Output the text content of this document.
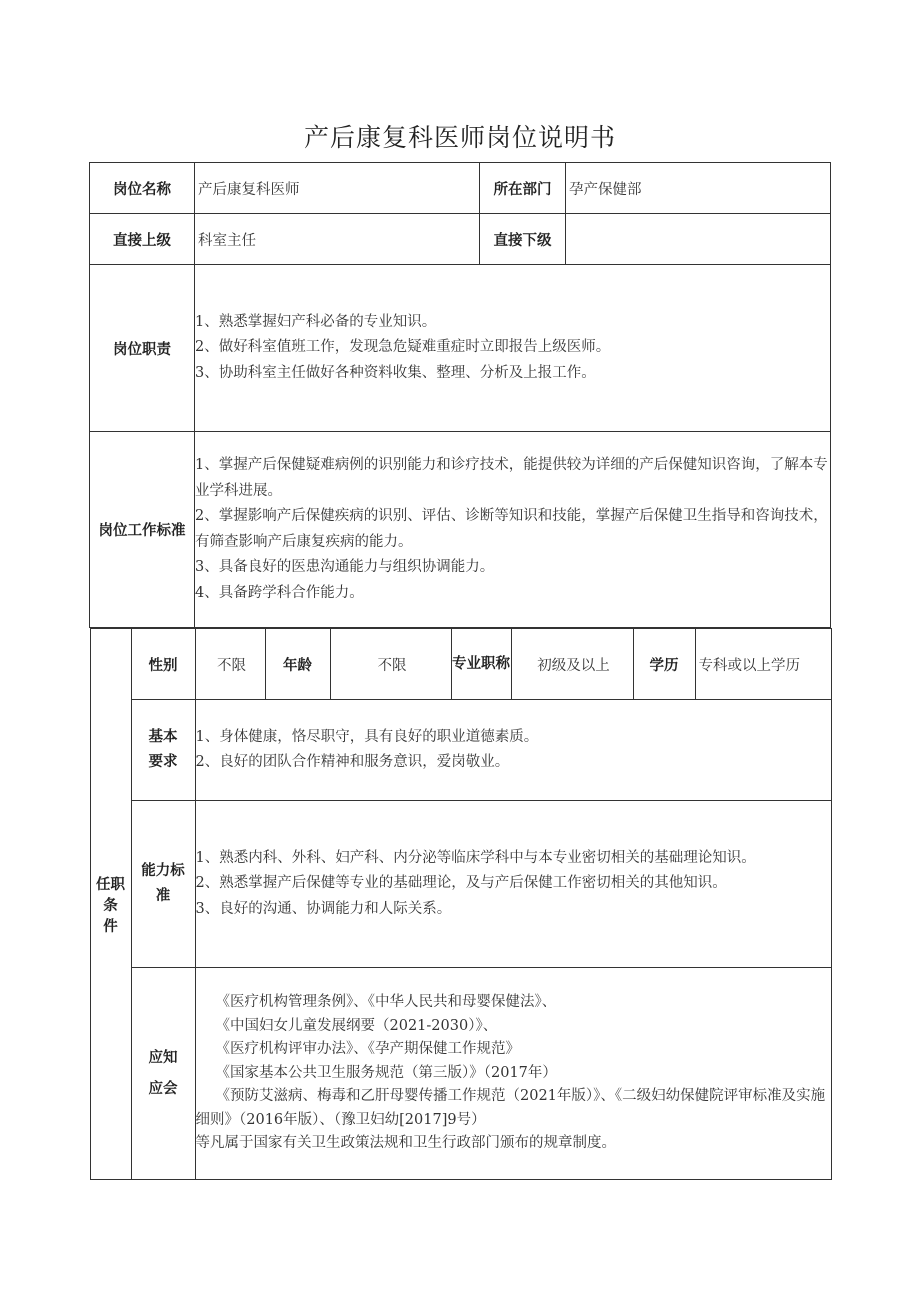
产后康复科医师岗位说明书
岗位名称	产后康复科医师	所在部门	孕产保健部
直接上级	科室主任	直接下级	
岗位职责	
1、熟悉掌握妇产科必备的专业知识。
2、做好科室值班工作，发现急危疑难重症时立即报告上级医师。
3、协助科室主任做好各种资料收集、整理、分析及上报工作。

岗位工作标准	
1、掌握产后保健疑难病例的识别能力和诊疗技术，能提供较为详细的产后保健知识咨询，了解本专业学科进展。
2、掌握影响产后保健疾病的识别、评估、诊断等知识和技能，掌握产后保健卫生指导和咨询技术，有筛查影响产后康复疾病的能力。
3、具备良好的医患沟通能力与组织协调能力。
4、具备跨学科合作能力。

任职
条
件
	性别	不限	年龄	不限	专业职称	初级及以上	学历	专科或以上学历

基本
要求

1、身体健康，恪尽职守，具有良好的职业道德素质。
2、良好的团队合作精神和服务意识，爱岗敬业。

能力标
准

1、熟悉内科、外科、妇产科、内分泌等临床学科中与本专业密切相关的基础理论知识。
2、熟悉掌握产后保健等专业的基础理论，及与产后保健工作密切相关的其他知识。
3、良好的沟通、协调能力和人际关系。

应知
应会

《医疗机构管理条例》、《中华人民共和母婴保健法》、
《中国妇女儿童发展纲要（2021-2030）》、
《医疗机构评审办法》、《孕产期保健工作规范》
《国家基本公共卫生服务规范（第三版）》（2017年）
《预防艾滋病、梅毒和乙肝母婴传播工作规范（2021年版）》、《二级妇幼保健院评审标准及实施细则》（2016年版）、（豫卫妇幼[2017]9号）
等凡属于国家有关卫生政策法规和卫生行政部门颁布的规章制度。
